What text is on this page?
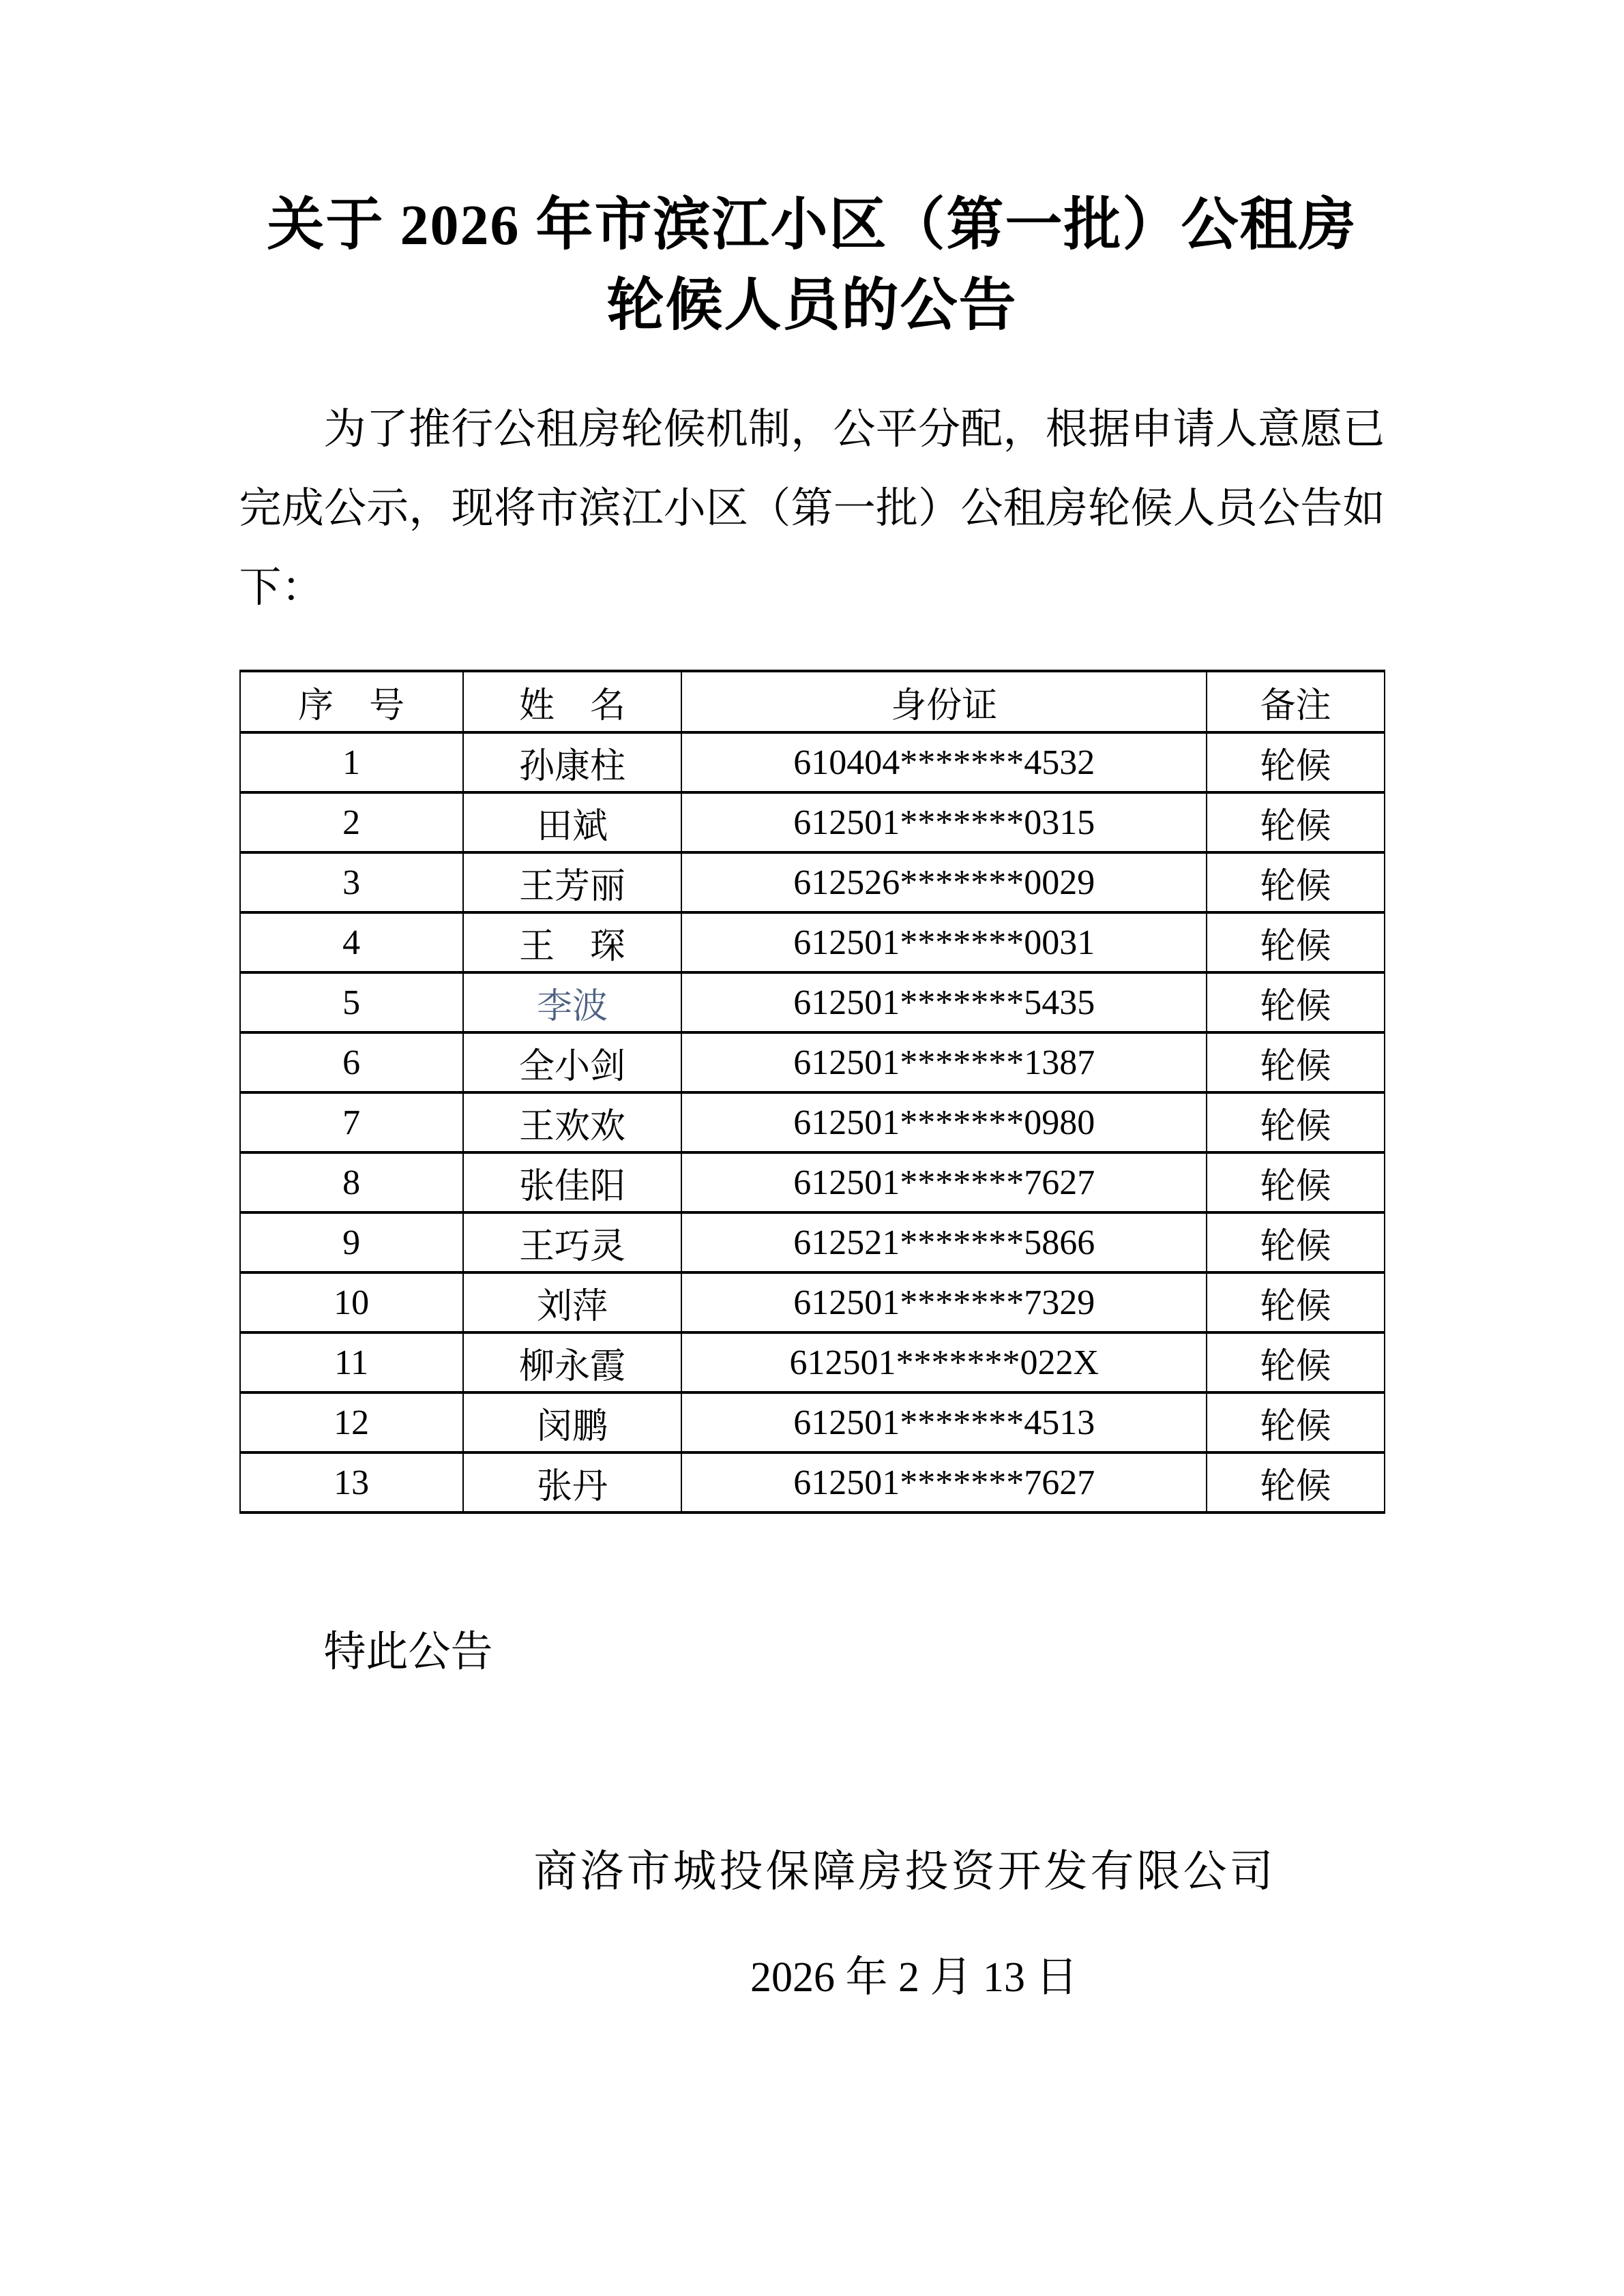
关于 2026 年市滨江小区（第一批）公租房
轮候人员的公告

为了推行公租房轮候机制，公平分配，根据申请人意愿已完成公示，现将市滨江小区（第一批）公租房轮候人员公告如下：

序　号	姓　名	身份证	备注
1	孙康柱	610404*******4532	轮候
2	田斌	612501*******0315	轮候
3	王芳丽	612526*******0029	轮候
4	王　琛	612501*******0031	轮候
5	李波	612501*******5435	轮候
6	全小剑	612501*******1387	轮候
7	王欢欢	612501*******0980	轮候
8	张佳阳	612501*******7627	轮候
9	王巧灵	612521*******5866	轮候
10	刘萍	612501*******7329	轮候
11	柳永霞	612501*******022X	轮候
12	闵鹏	612501*******4513	轮候
13	张丹	612501*******7627	轮候

特此公告

商洛市城投保障房投资开发有限公司

2026 年 2 月 13 日
